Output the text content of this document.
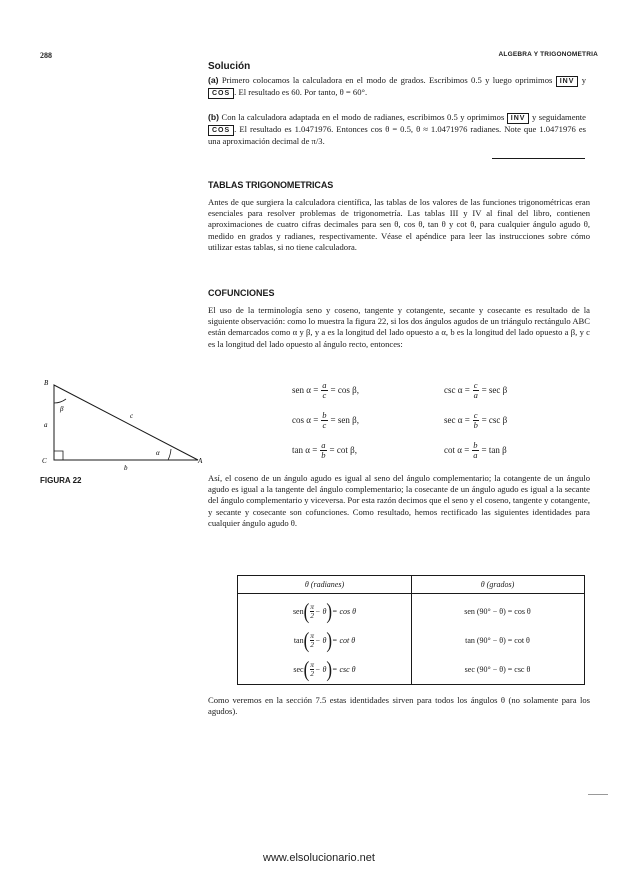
288	ALGEBRA Y TRIGONOMETRIA
Solución
(a) Primero colocamos la calculadora en el modo de grados. Escribimos 0.5 y luego oprimimos INV y COS . El resultado es 60. Por tanto, θ = 60°.
(b) Con la calculadora adaptada en el modo de radianes, escribimos 0.5 y oprimimos INV y seguidamente COS . El resultado es 1.0471976. Entonces cos θ = 0.5, θ ≈ 1.0471976 radianes. Note que 1.0471976 es una aproximación decimal de π/3.
TABLAS TRIGONOMETRICAS
Antes de que surgiera la calculadora científica, las tablas de los valores de las funciones trigonométricas eran esenciales para resolver problemas de trigonometría. Las tablas III y IV al final del libro, contienen aproximaciones de cuatro cifras decimales para sen θ, cos θ, tan θ y cot θ, para cualquier ángulo agudo θ, medido en grados y radianes, respectivamente. Véase el apéndice para leer las instrucciones sobre cómo utilizar estas tablas, si no tiene calculadora.
COFUNCIONES
El uso de la terminología seno y coseno, tangente y cotangente, secante y cosecante es resultado de la siguiente observación: como lo muestra la figura 22, si los dos ángulos agudos de un triángulo rectángulo ABC están demarcados como α y β, y a es la longitud del lado opuesto a α, b es la longitud del lado opuesto a β, y c es la longitud del lado opuesto al ángulo recto, entonces:
B
C	A
a
b
c
α
β
FIGURA 22
sen $\alpha = \frac{a}{c} = \cos \beta$,	$\csc \alpha = \frac{c}{a} = \sec \beta$
$\cos \alpha = \frac{b}{c}$ = sen β,	$\sec \alpha = \frac{c}{b} = \csc \beta$
$\tan \alpha = \frac{a}{b} = \cot \beta$,	$\cot \alpha = \frac{b}{a} = \tan \beta$
Así, el coseno de un ángulo agudo es igual al seno del ángulo complementario; la cotangente de un ángulo agudo es igual a la tangente del ángulo complementario; la cosecante de un ángulo agudo es igual a la secante del ángulo complementario y viceversa. Por esta razón decimos que el seno y el coseno, tangente y cotangente, y secante y cosecante son cofunciones. Como resultado, hemos rectificado las siguientes identidades para cualquier ángulo agudo θ.
θ (radianes)	θ (grados)
sen ( $\frac{\pi}{2} - \theta$ ) = cos θ	sen (90° − θ) = cos θ
tan ( $\frac{\pi}{2} - \theta$ ) = cot θ	tan (90° − θ) = cot θ
sec ( $\frac{\pi}{2} - \theta$ ) = csc θ	sec (90° − θ) = csc θ
Como veremos en la sección 7.5 estas identidades sirven para todos los ángulos θ (no solamente para los agudos).
www.elsolucionario.net
